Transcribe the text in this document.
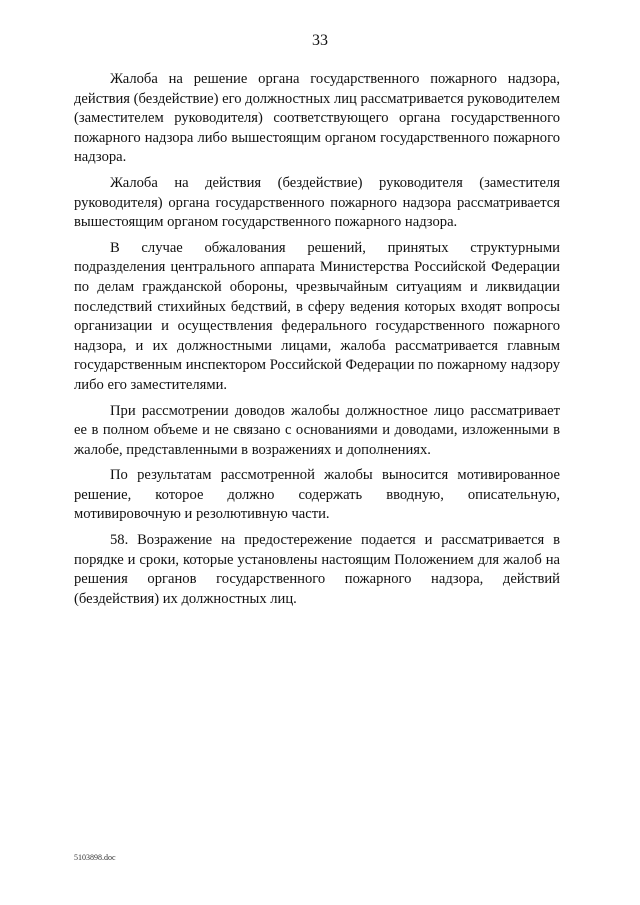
33

Жалоба на решение органа государственного пожарного надзора, действия (бездействие) его должностных лиц рассматривается руководителем (заместителем руководителя) соответствующего органа государственного пожарного надзора либо вышестоящим органом государственного пожарного надзора.

Жалоба на действия (бездействие) руководителя (заместителя руководителя) органа государственного пожарного надзора рассматривается вышестоящим органом государственного пожарного надзора.

В случае обжалования решений, принятых структурными подразделения центрального аппарата Министерства Российской Федерации по делам гражданской обороны, чрезвычайным ситуациям и ликвидации последствий стихийных бедствий, в сферу ведения которых входят вопросы организации и осуществления федерального государственного пожарного надзора, и их должностными лицами, жалоба рассматривается главным государственным инспектором Российской Федерации по пожарному надзору либо его заместителями.

При рассмотрении доводов жалобы должностное лицо рассматривает ее в полном объеме и не связано с основаниями и доводами, изложенными в жалобе, представленными в возражениях и дополнениях.

По результатам рассмотренной жалобы выносится мотивированное решение, которое должно содержать вводную, описательную, мотивировочную и резолютивную части.

58. Возражение на предостережение подается и рассматривается в порядке и сроки, которые установлены настоящим Положением для жалоб на решения органов государственного пожарного надзора, действий (бездействия) их должностных лиц.

5103898.doc
